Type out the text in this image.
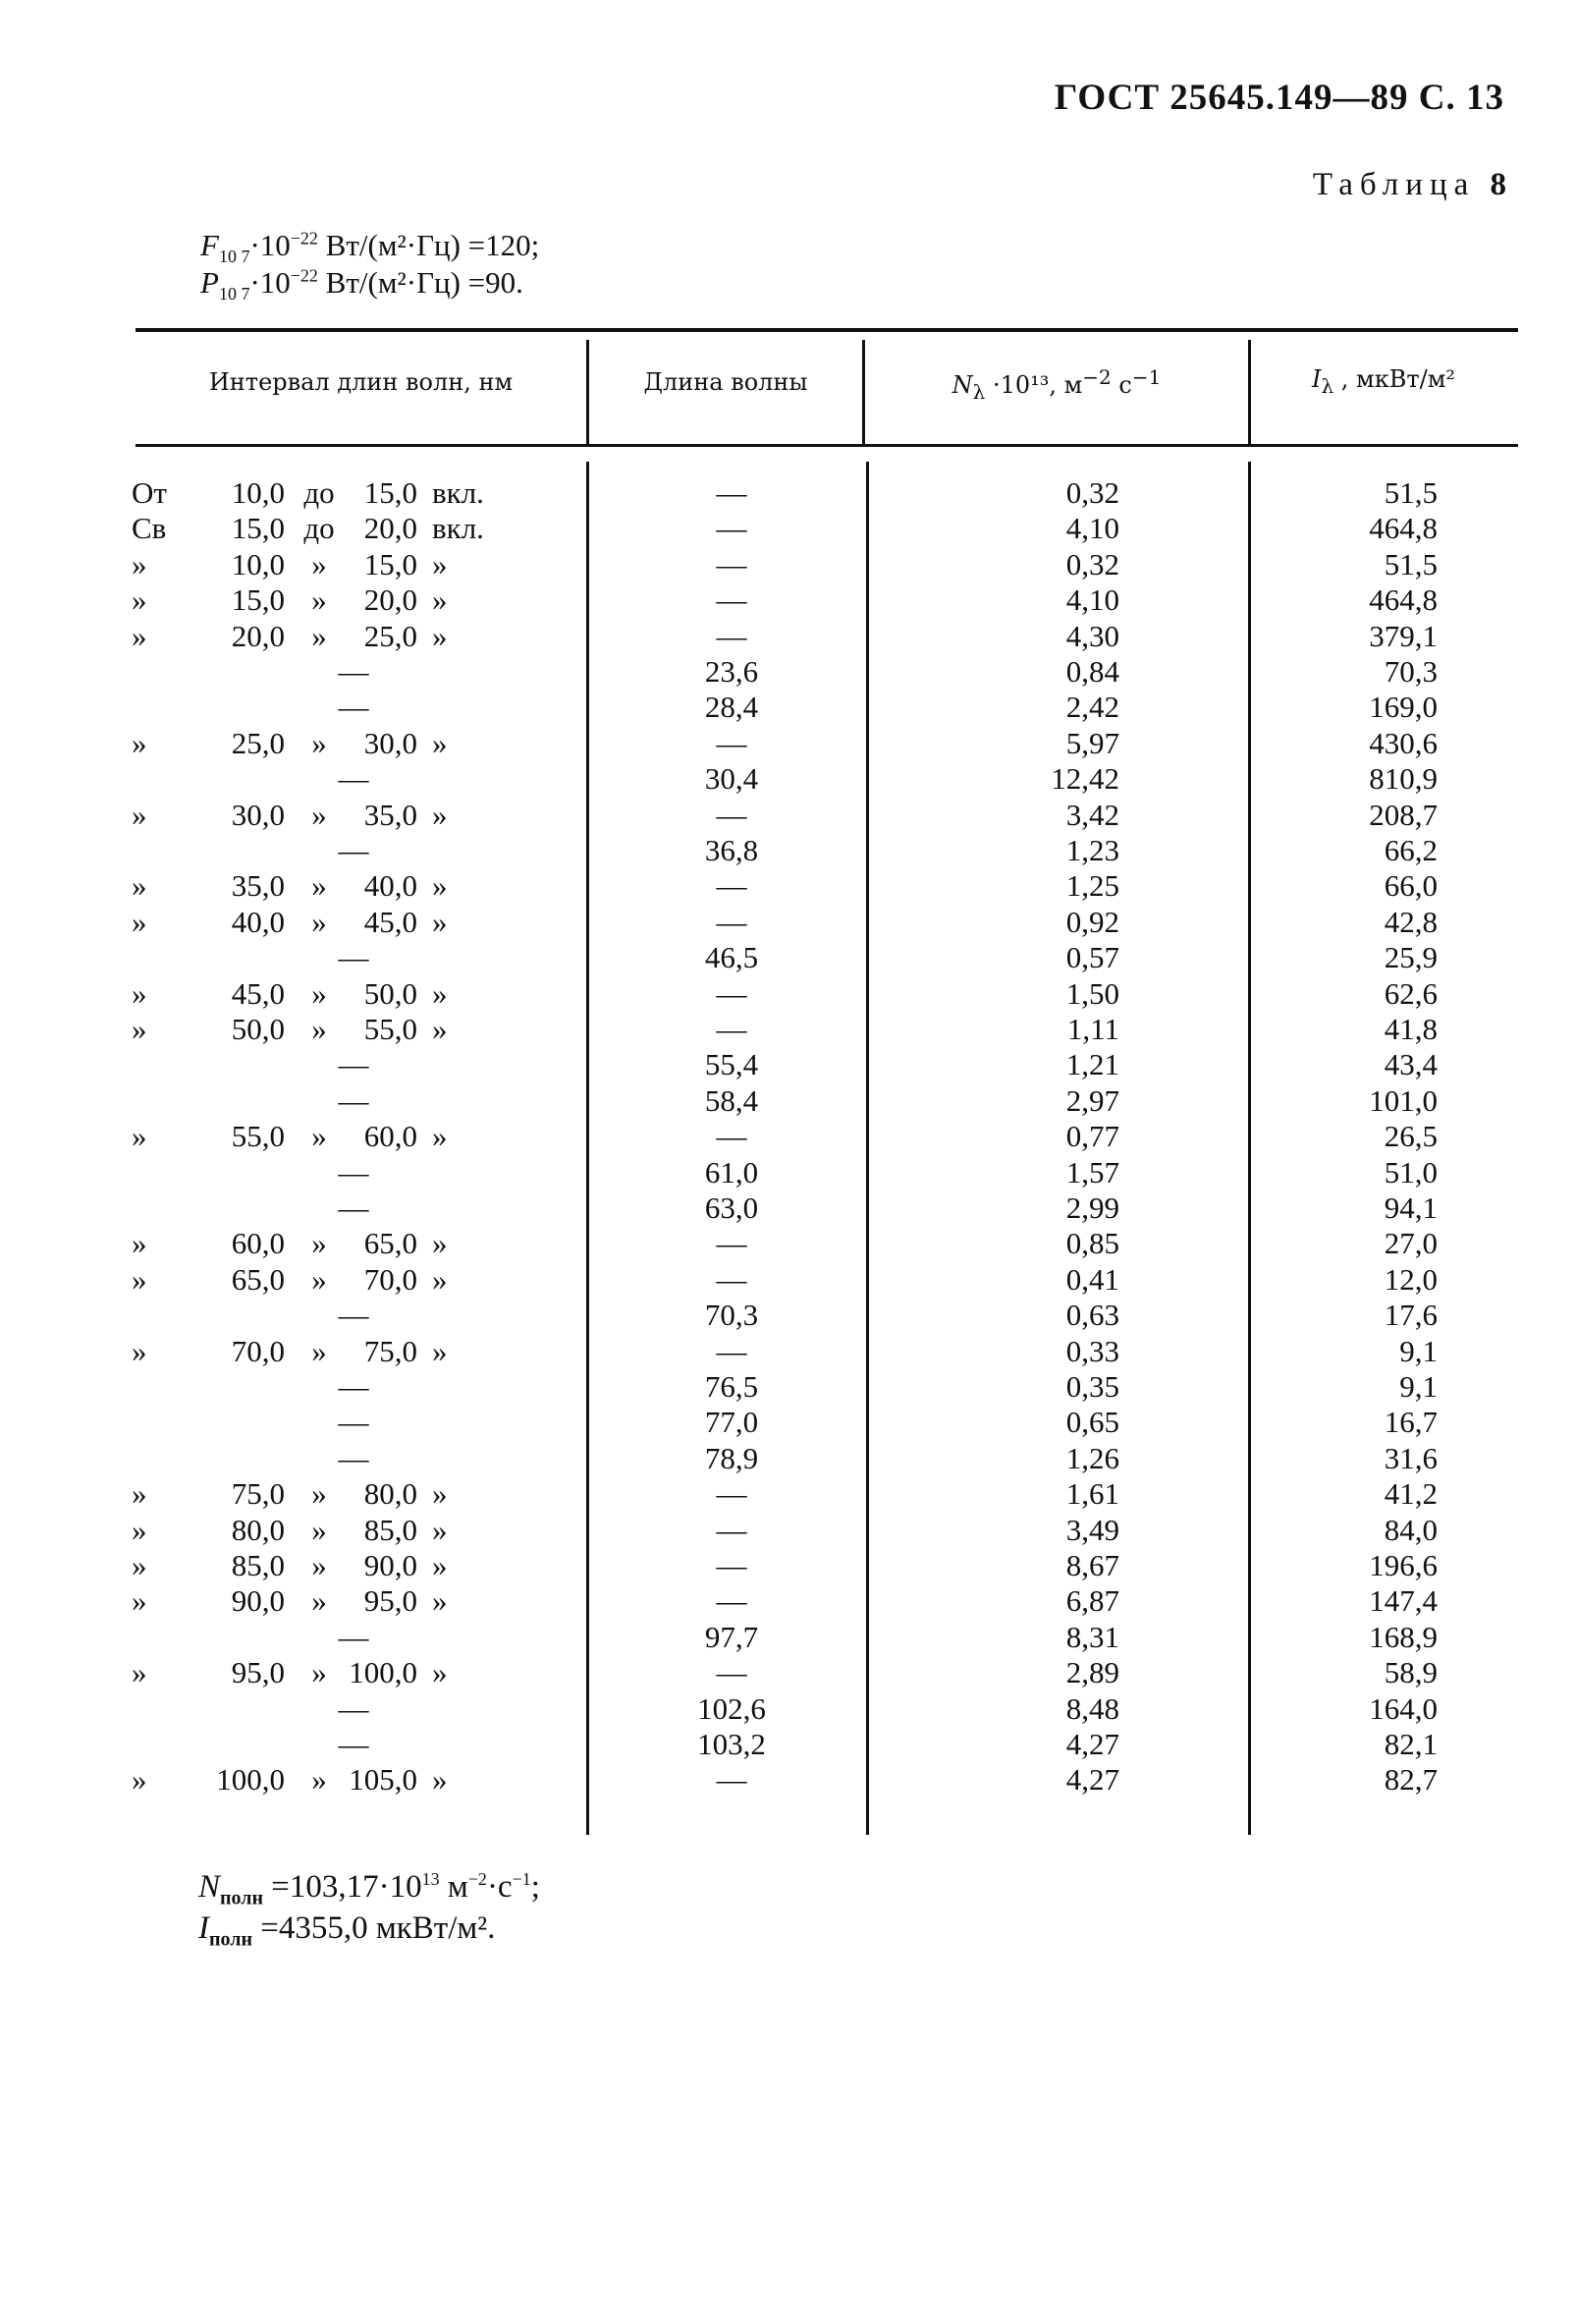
ГОСТ 25645.149—89 С. 13
Таблица 8
$F_{10 7}\cdot 10^{-22}$ Вт/(м²·Гц) =120;
$P_{10 7}\cdot 10^{-22}$ Вт/(м²·Гц) =90.
Интервал длин волн, нм	Длина волны	$N_\lambda \cdot 10^{13}$, $м^{-2}$ $с^{-1}$	$I_\lambda$ , мкВт/м²
От	10,0 до 15,0 вкл.	—	0,32	51,5
Св	15,0 до 20,0 вкл.	—	4,10	464,8
»	10,0 »	15,0 »	—	0,32	51,5
»	15,0 »	20,0 »	—	4,10	464,8
»	20,0 »	25,0 »	—	4,30	379,1
—	23,6	0,84	70,3
—	28,4	2,42	169,0
»	25,0 »	30,0 »	—	5,97	430,6
—	30,4	12,42	810,9
»	30,0 »	35,0 »	—	3,42	208,7
—	36,8	1,23	66,2
»	35,0 »	40,0 »	—	1,25	66,0
»	40,0 »	45,0 »	—	0,92	42,8
—	46,5	0,57	25,9
»	45,0 »	50,0 »	—	1,50	62,6
»	50,0 »	55,0 »	—	1,11	41,8
—	55,4	1,21	43,4
—	58,4	2,97	101,0
»	55,0 »	60,0 »	—	0,77	26,5
—	61,0	1,57	51,0
—	63,0	2,99	94,1
»	60,0 »	65,0 »	—	0,85	27,0
»	65,0 »	70,0 »	—	0,41	12,0
—	70,3	0,63	17,6
»	70,0 »	75,0 »	—	0,33	9,1
—	76,5	0,35	9,1
—	77,0	0,65	16,7
—	78,9	1,26	31,6
»	75,0 »	80,0 »	—	1,61	41,2
»	80,0 »	85,0 »	—	3,49	84,0
»	85,0 »	90,0 »	—	8,67	196,6
»	90,0 »	95,0 »	—	6,87	147,4
—	97,7	8,31	168,9
»	95,0 » 100,0 »	—	2,89	58,9
—	102,6	8,48	164,0
—	103,2	4,27	82,1
»	100,0 » 105,0 »	—	4,27	82,7
$N_{полн} =103,17\cdot 10^{13}$ $м^{-2}\cdot с^{-1}$;
$I_{полн} =4355,0$ мкВт/м².
